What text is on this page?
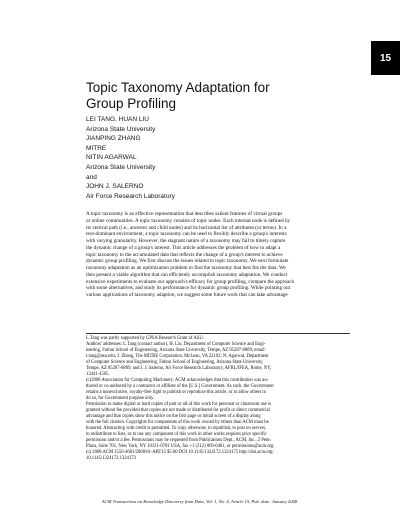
15
Topic Taxonomy Adaptation for
Group Profiling
LEI TANG, HUAN LIU
Arizona State University
JIANPING ZHANG
MITRE
NITIN AGARWAL
Arizona State University
and
JOHN J. SALERNO
Air Force Research Laboratory
A topic taxonomy is an effective representation that describes salient features of virtual groups
or online communities. A topic taxonomy consists of topic nodes. Each internal node is defined by
its vertical path (i.e., ancestor and child nodes) and its horizontal list of attributes (or terms). In a
text-dominant environment, a topic taxonomy can be used to flexibly describe a group's interests
with varying granularity. However, the stagnant nature of a taxonomy may fail to timely capture
the dynamic change of a group's interest. This article addresses the problem of how to adapt a
topic taxonomy to the accumulated data that reflects the change of a group's interest to achieve
dynamic group profiling. We first discuss the issues related to topic taxonomy. We next formulate
taxonomy adaptation as an optimization problem to find the taxonomy that best fits the data. We
then present a viable algorithm that can efficiently accomplish taxonomy adaptation. We conduct
extensive experiments to evaluate our approach's efficacy for group profiling, compare the approach
with some alternatives, and study its performance for dynamic group profiling. While pointing out
various applications of taxonomy adaption, we suggest some future work that can take advantage
L.Tang was partly supported by GPSA Research Grant of ASU.
Authors' addresses: L.Tang (contact author), H. Liu, Department of Computer Science and Engi-
neering, Fulton School of Engineering, Arizona State University, Tempe, AZ 85287-8809; email:
l.tang@asu.edu; J. Zhang, The MITRE Corporation, McLean, VA 22102; N. Agarwal, Department
of Computer Science and Engineering, Fulton School of Engineering, Arizona State University,
Tempe, AZ 85287-8809, and J. J. Salerno, Air Force Research Laboratory, AFRL/IFEA, Rome, NY,
13441-4505.
(c)2008 Association for Computing Machinery. ACM acknowledges that this contribution was au-
thored or co-authored by a contractor or affiliate of the [U.S.] Government. As such, the Government
retains a nonexclusive, royalty-free right to publish or reproduce this article, or to allow others to
do so, for Government purpose only.
Permission to make digital or hard copies of part or all of this work for personal or classroom use is
granted without fee provided that copies are not made or distributed for profit or direct commercial
advantage and that copies show this notice on the first page or initial screen of a display along
with the full citation. Copyrights for components of this work owned by others than ACM must be
honored. Abstracting with credit is permitted. To copy otherwise, to republish, to post on servers,
to redistribute to lists, or to use any component of this work in other works requires prior specific
permission and/or a fee. Permissions may be requested from Publications Dept., ACM, Inc., 2 Penn
Plaza, Suite 701, New York, NY 10121-0701 USA, fax +1 (212) 869-0481, or permissions@acm.org.
(c) 2008 ACM 1556-4681/2008/01-ART15 $5.00 DOI 10.1145/1324172.1324175 http://doi.acm.org/
10.1145/1324172.1324173
ACM Transactions on Knowledge Discovery from Data, Vol. 1, No. 4, Article 15, Pub. date: January 2008.
